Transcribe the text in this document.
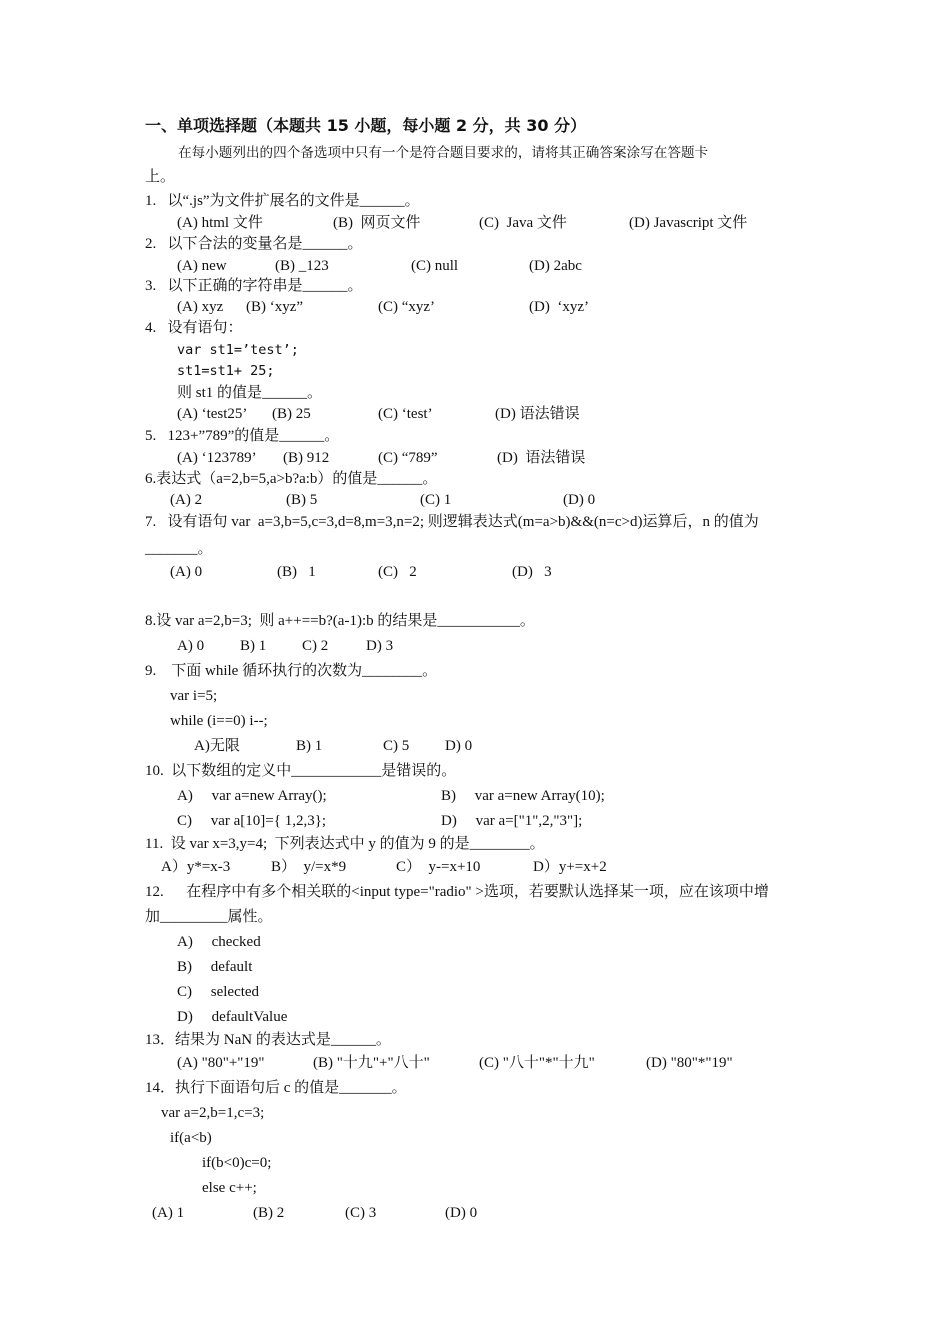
一、单项选择题（本题共 15 小题，每小题 2 分，共 30 分）
在每小题列出的四个备选项中只有一个是符合题目要求的，请将其正确答案涂写在答题卡
上。
1.   以“.js”为文件扩展名的文件是______。
(A) html 文件	(B)  网页文件	(C)  Java 文件	(D) Javascript 文件
2.   以下合法的变量名是______。
(A) new	(B) _123	(C) null	(D) 2abc
3.   以下正确的字符串是______。
(A) xyz (B) ‘xyz”	(C) “xyz’	(D)  ‘xyz’
4.   设有语句：
var st1=’test’;
st1=st1+ 25;
则 st1 的值是______。
(A) ‘test25’ (B) 25	(C) ‘test’	(D) 语法错误
5.   123+”789”的值是______。
(A) ‘123789’ (B) 912	(C) “789”	(D)  语法错误
6.表达式（a=2,b=5,a>b?a:b）的值是______。
(A) 2	(B) 5	(C) 1	(D) 0
7.   设有语句 var  a=3,b=5,c=3,d=8,m=3,n=2; 则逻辑表达式(m=a>b)&&(n=c>d)运算后，n 的值为
_______。
(A) 0	(B)   1	(C)   2	(D)   3
8.设 var a=2,b=3;  则 a++==b?(a-1):b 的结果是___________。
A) 0 B) 1 C) 2	D) 3
9.    下面 while 循环执行的次数为________。
var i=5;
while (i==0) i--;
A)无限	B) 1	C) 5 D) 0
10.  以下数组的定义中____________是错误的。
A)     var a=new Array();	B)     var a=new Array(10);
C)     var a[10]={ 1,2,3};	D)     var a=["1",2,"3"];
11.  设 var x=3,y=4;  下列表达式中 y 的值为 9 的是________。
A）y*=x-3	B）  y/=x*9	C）  y-=x+10	D）y+=x+2
12.      在程序中有多个相关联的<input type="radio" >选项，若要默认选择某一项，应在该项中增
加_________属性。
A)     checked
B)     default
C)     selected
D)     defaultValue
13．结果为 NaN 的表达式是______。
(A) "80"+"19"	(B) "十九"+"八十"	(C) "八十"*"十九"	(D) "80"*"19"
14．执行下面语句后 c 的值是_______。
var a=2,b=1,c=3;
if(a<b)
if(b<0)c=0;
else c++;
(A) 1	(B) 2	(C) 3	(D) 0
